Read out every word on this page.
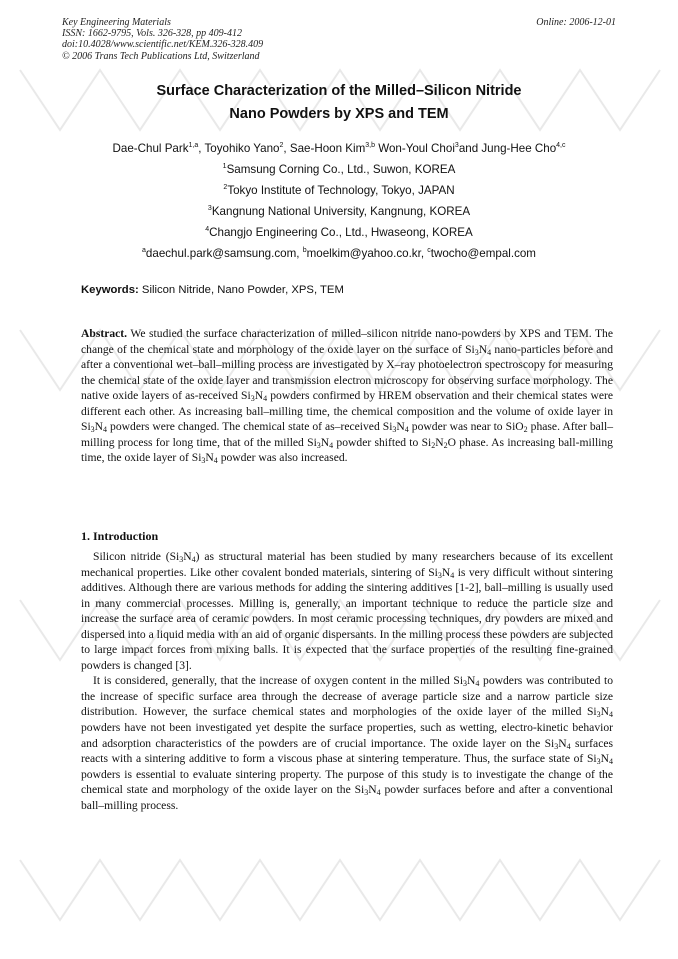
Key Engineering Materials
ISSN: 1662-9795, Vols. 326-328, pp 409-412
doi:10.4028/www.scientific.net/KEM.326-328.409
© 2006 Trans Tech Publications Ltd, Switzerland
Online: 2006-12-01
Surface Characterization of the Milled–Silicon Nitride
Nano Powders by XPS and TEM
Dae-Chul Park$^{1,a}$, Toyohiko Yano$^2$, Sae-Hoon Kim$^{3,b}$ Won-Youl Choi$^3$and Jung-Hee Cho$^{4,c}$
$^1$Samsung Corning Co., Ltd., Suwon, KOREA
$^2$Tokyo Institute of Technology, Tokyo, JAPAN
$^3$Kangnung National University, Kangnung, KOREA
$^4$Changjo Engineering Co., Ltd., Hwaseong, KOREA
$^a$daechul.park@samsung.com, $^b$moelkim@yahoo.co.kr, $^c$twocho@empal.com
Keywords: Silicon Nitride, Nano Powder, XPS, TEM

Abstract. We studied the surface characterization of milled–silicon nitride nano-powders by XPS and TEM. The change of the chemical state and morphology of the oxide layer on the surface of $Si_3N_4$ nano-particles before and after a conventional wet–ball–milling process are investigated by X–ray photoelectron spectroscopy for measuring the chemical state of the oxide layer and transmission electron microscopy for observing surface morphology. The native oxide layers of as-received $Si_3N_4$ powders confirmed by HREM observation and their chemical states were different each other. As increasing ball–milling time, the chemical composition and the volume of oxide layer in $Si_3N_4$ powders were changed. The chemical state of as–received $Si_3N_4$ powder was near to SiO$_2$ phase. After ball–milling process for long time, that of the milled $Si_3N_4$ powder shifted to $Si_2N_2O$ phase. As increasing ball-milling time, the oxide layer of $Si_3N_4$ powder was also increased.

1. Introduction

Silicon nitride $(Si_3N_4)$ as structural material has been studied by many researchers because of its excellent mechanical properties. Like other covalent bonded materials, sintering of $Si_3N_4$ is very difficult without sintering additives. Although there are various methods for adding the sintering additives [1-2], ball–milling is usually used in many commercial processes. Milling is, generally, an important technique to reduce the particle size and increase the surface area of ceramic powders. In most ceramic processing techniques, dry powders are mixed and dispersed into a liquid media with an aid of organic dispersants. In the milling process these powders are subjected to large impact forces from mixing balls. It is expected that the surface properties of the resulting fine-grained powders is changed [3].

It is considered, generally, that the increase of oxygen content in the milled $Si_3N_4$ powders was contributed to the increase of specific surface area through the decrease of average particle size and a narrow particle size distribution. However, the surface chemical states and morphologies of the oxide layer of the milled $Si_3N_4$ powders have not been investigated yet despite the surface properties, such as wetting, electro-kinetic behavior and adsorption characteristics of the powders are of crucial importance. The oxide layer on the $Si_3N_4$ surfaces reacts with a sintering additive to form a viscous phase at sintering temperature. Thus, the surface state of $Si_3N_4$ powders is essential to evaluate sintering property. The purpose of this study is to investigate the change of the chemical state and morphology of the oxide layer on the $Si_3N_4$ powder surfaces before and after a conventional ball–milling process.
